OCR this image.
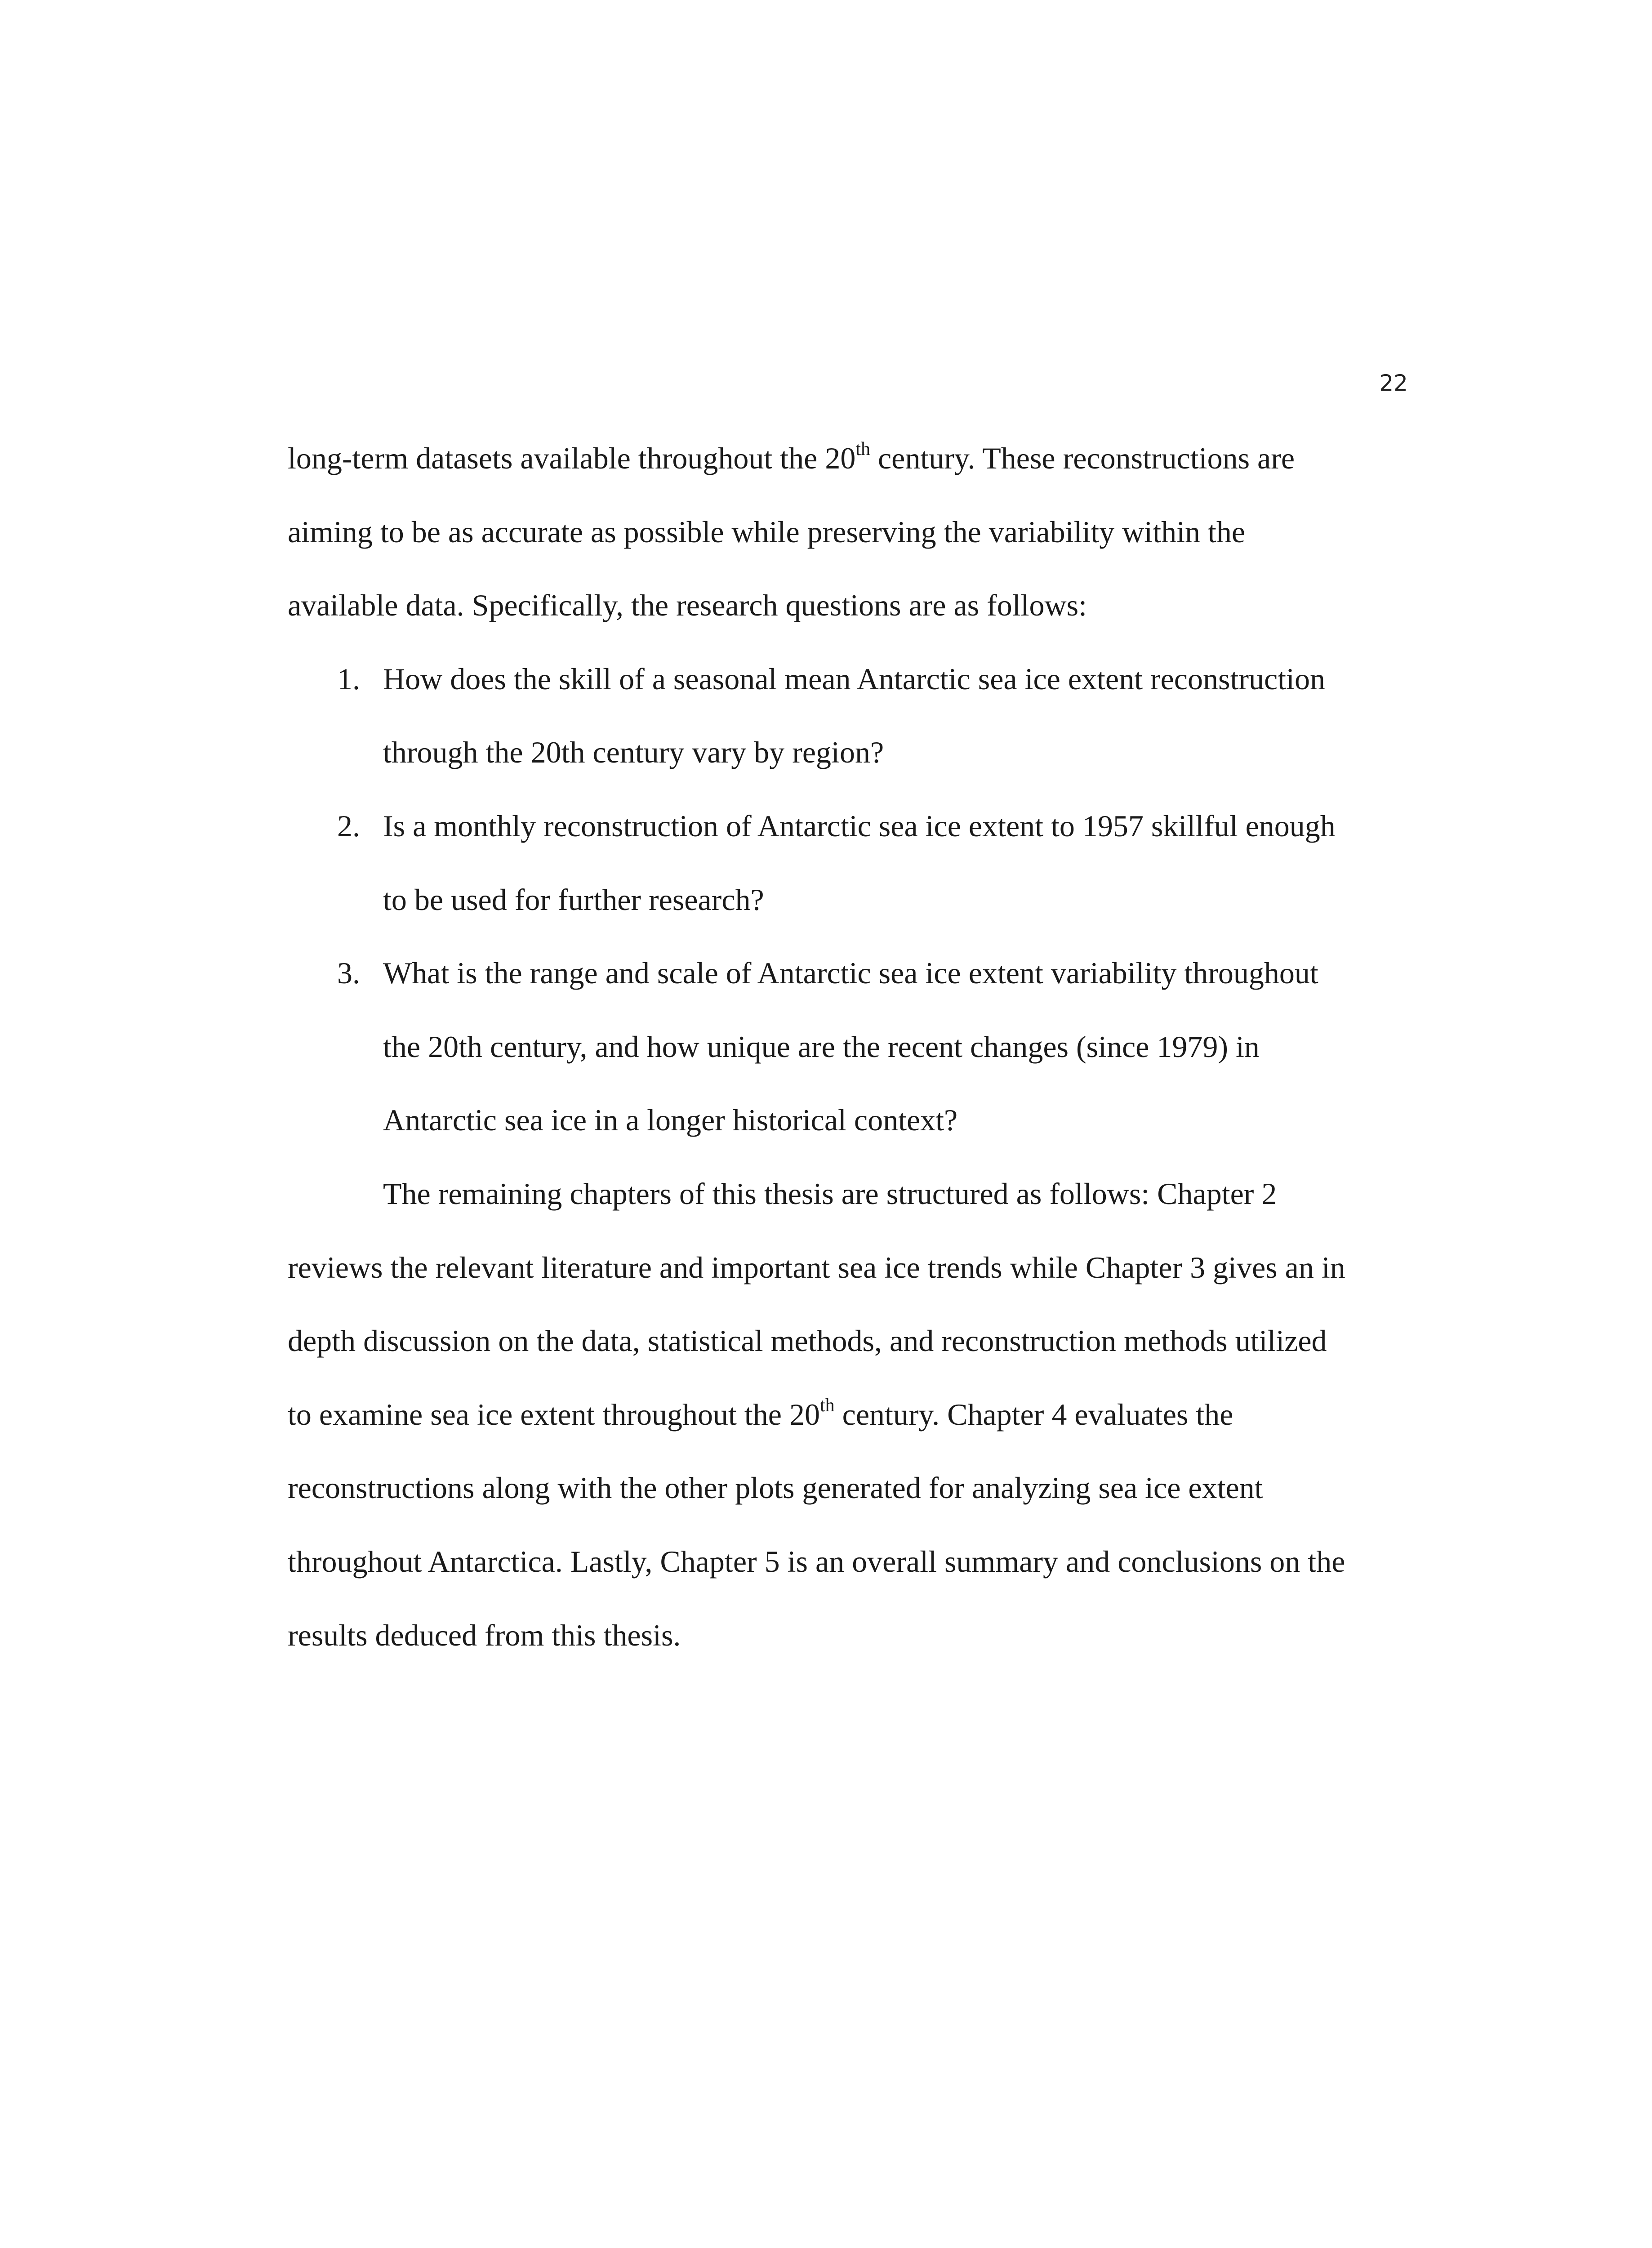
22
long-term datasets available throughout the 20th century. These reconstructions are
aiming to be as accurate as possible while preserving the variability within the
available data. Specifically, the research questions are as follows:
1. How does the skill of a seasonal mean Antarctic sea ice extent reconstruction
through the 20th century vary by region?
2. Is a monthly reconstruction of Antarctic sea ice extent to 1957 skillful enough
to be used for further research?
3. What is the range and scale of Antarctic sea ice extent variability throughout
the 20th century, and how unique are the recent changes (since 1979) in
Antarctic sea ice in a longer historical context?
The remaining chapters of this thesis are structured as follows: Chapter 2
reviews the relevant literature and important sea ice trends while Chapter 3 gives an in
depth discussion on the data, statistical methods, and reconstruction methods utilized
to examine sea ice extent throughout the 20th century. Chapter 4 evaluates the
reconstructions along with the other plots generated for analyzing sea ice extent
throughout Antarctica. Lastly, Chapter 5 is an overall summary and conclusions on the
results deduced from this thesis.
